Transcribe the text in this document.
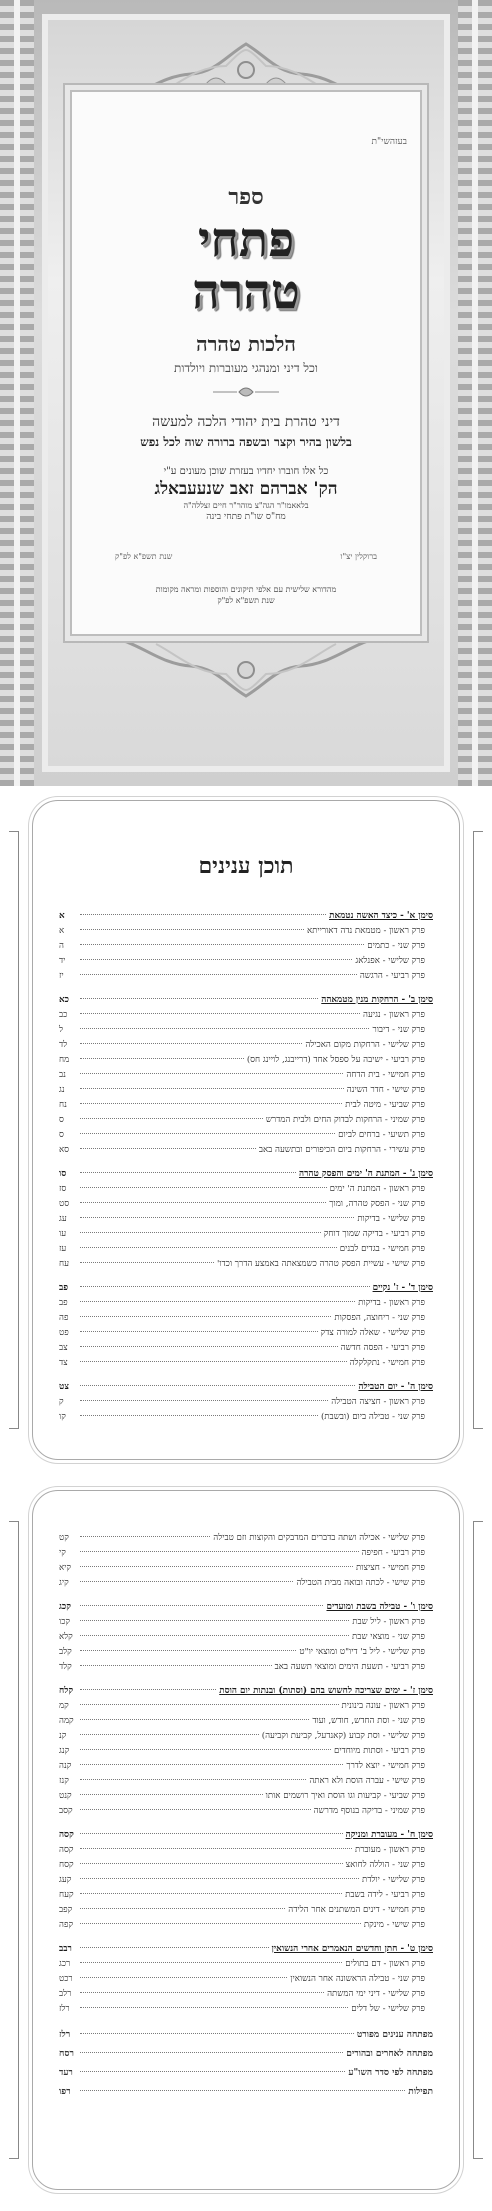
בעזהשי"ת
ספר
פתחי
טהרה
הלכות טהרה
וכל דיני ומנהגי מעוברות ויולדות
דיני טהרת בית יהודי הלכה למעשה
בלשון בהיר וקצר ובשפה ברורה שוה לכל נפש
כל אלו חוברו יחדיו בעזרת שוכן מעונים ע"י
הק' אברהם זאב שנעעבאלג
בלאאמו"ר הגה"צ מוהר"ר חיים זצללה"ה
מח"ס שו"ת פתחי בינה
ברוקלין יצ"ו
שנת תשפ"א לפ"ק
מהדורא שלישית עם אלפי תיקונים והוספות ומראה מקומות
שנת תשפ"א לפ"ק
תוכן ענינים
סימן א' - כיצד האשה נטמאת
א
פרק ראשון - מטמאת נדה דאורייתא
א
פרק שני - כתמים
ה
פרק שלישי - אפנלאג
יד
פרק רביעי - הרגשה
יז
סימן ב' - הרחקות מנין מטמאהה
כא
פרק ראשון - נגיעה
כב
פרק שני - דיבור
ל
פרק שלישי - הרחקות מקום האכילה
לד
פרק רביעי - ישיבה על ספסל אחד (דרייבנג, לויינג חס)
מח
פרק חמישי - בית הדחה
נב
פרק שישי - חדר השינה
נג
פרק שביעי - מיטה לבית
נח
פרק שמיני - הרחקות לבדוק החים ולבית המדרש
ס
פרק תשיעי - ברחים לביום
ס
פרק עשירי - הרחקות ביום הכיפורים ובתשעה באב
סא
סימן ג' - המתנת ה' ימים והפסק טהרה
סו
פרק ראשון - המתנת ה' ימים
סז
פרק שני - הפסק טהרה, ומוך
סט
פרק שלישי - בדיקות
עג
פרק רביעי - בדיקה שמוך דוחק
עו
פרק חמישי - בגדים לבנים
עז
פרק שישי - עשיית הפסק טהרה כשמצאתה באמצע הדרך וכדו'
עח
סימן ד' - ז' נקיים
פב
פרק ראשון - בדיקות
פב
פרק שני - ריחוצה, הפסקות
פה
פרק שלישי - שאלה למורה צדק
פט
פרק רביעי - הפסה חדשה
צב
פרק חמישי - נתקלקלה
צד
סימן ה' - יום הטבילה
צט
פרק ראשון - חציצה הטבילה
ק
פרק שני - טבילה ביום (ובשבת)
קו
פרק שלישי - אכילה ושתה בדברים המדבקים והקוצות וזם טבילה
קט
פרק רביעי - חפיפה
קי
פרק חמישי - חציצות
קיא
פרק שישי - לכתה ובואה מבית הטבילה
קיג
סימן ו' - טבילה בשבת ומועדים
קכג
פרק ראשון - ליל שבת
קכו
פרק שני - מוצאי שבת
קלא
פרק שלישי - ליל ב' דיו"ט ומוצאי יו"ט
קלב
פרק רביעי - תשעת הימים ומוצאי תשעה באב
קלד
סימן ז' - ימים שצריכה לחשוש בהם (וסתות) ובנתות יום הוסת
קלח
פרק ראשון - עונה בינונית
קמ
פרק שני - וסת החדש, חודש, ועוד
קמה
פרק שלישי - וסת קבוע (קאנדעל, קביעת וקביעה)
קנ
פרק רביעי - וסתות מיוחדים
קנג
פרק חמישי - יוצא לדרך
קנה
פרק שישי - עברה הוסת ולא ראתה
קנז
פרק שביעי - קביעות וגו הוסת ואיך רושמים אותו
קנט
פרק שמיני - בדיקה בנוסף מדרשה
קסב
סימן ח' - מעוברת ומניקה
קסה
פרק ראשון - מעוברת
קסה
פרק שני - הוללה לחואצ
קסח
פרק שלישי - יולדת
קעג
פרק רביעי - לידה בשבת
קעח
פרק חמישי - דינים המשתנים אחר הלידה
קפב
פרק שישי - מינקת
קפה
סימן ט' - חתן וחדשים הנאמרים אחרי הנשואין
רבב
פרק ראשון - דם בתולים
רכג
פרק שני - טבילה הראשונה אחר הנשואין
רכט
פרק שלישי - דיני ימי המשתה
רלב
פרק שלישי - של דלים
רלז
מפתחה ענינים מפורט
רלז
מפתחה לאחרים ובהורים
רסח
מפתחה לפי סדר השו"ע
רעד
תפילות
רפו
